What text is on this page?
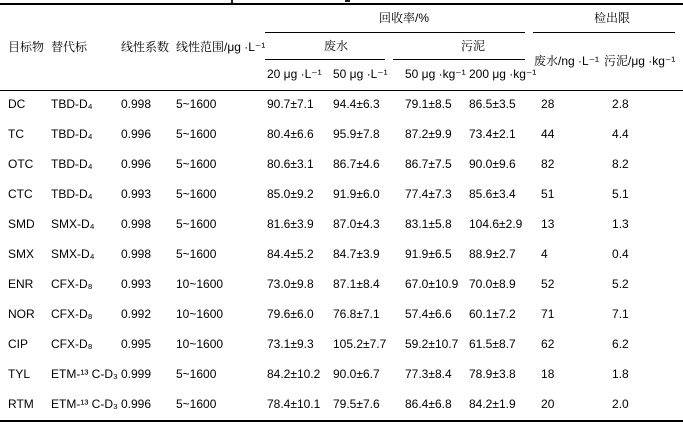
目标物	替代标	线性系数	线性范围/μg ·L⁻¹	回收率/%				检出限	
				废水		污泥		废水/ng ·L⁻¹	污泥/μg ·kg⁻¹
				20 μg ·L⁻¹	50 μg ·L⁻¹	50 μg ·kg⁻¹	200 μg ·kg⁻¹		
DC	TBD-D₄	0.998	5~1600	90.7±7.1	94.4±6.3	79.1±8.5	86.5±3.5	28	2.8
TC	TBD-D₄	0.996	5~1600	80.4±6.6	95.9±7.8	87.2±9.9	73.4±2.1	44	4.4
OTC	TBD-D₄	0.996	5~1600	80.6±3.1	86.7±4.6	86.7±7.5	90.0±9.6	82	8.2
CTC	TBD-D₄	0.993	5~1600	85.0±9.2	91.9±6.0	77.4±7.3	85.6±3.4	51	5.1
SMD	SMX-D₄	0.998	5~1600	81.6±3.9	87.0±4.3	83.1±5.8	104.6±2.9	13	1.3
SMX	SMX-D₄	0.998	5~1600	84.4±5.2	84.7±3.9	91.9±6.5	88.9±2.7	4	0.4
ENR	CFX-D₈	0.993	10~1600	73.0±9.8	87.1±8.4	67.0±10.9	70.0±8.9	52	5.2
NOR	CFX-D₈	0.992	10~1600	79.6±6.0	76.8±7.1	57.4±6.6	60.1±7.2	71	7.1
CIP	CFX-D₈	0.995	10~1600	73.1±9.3	105.2±7.7	59.2±10.7	61.5±8.7	62	6.2
TYL	ETM-¹³ C-D₃	0.999	5~1600	84.2±10.2	90.0±6.7	77.3±8.4	78.9±3.8	18	1.8
RTM	ETM-¹³ C-D₃	0.996	5~1600	78.4±10.1	79.5±7.6	86.4±6.8	84.2±1.9	20	2.0
